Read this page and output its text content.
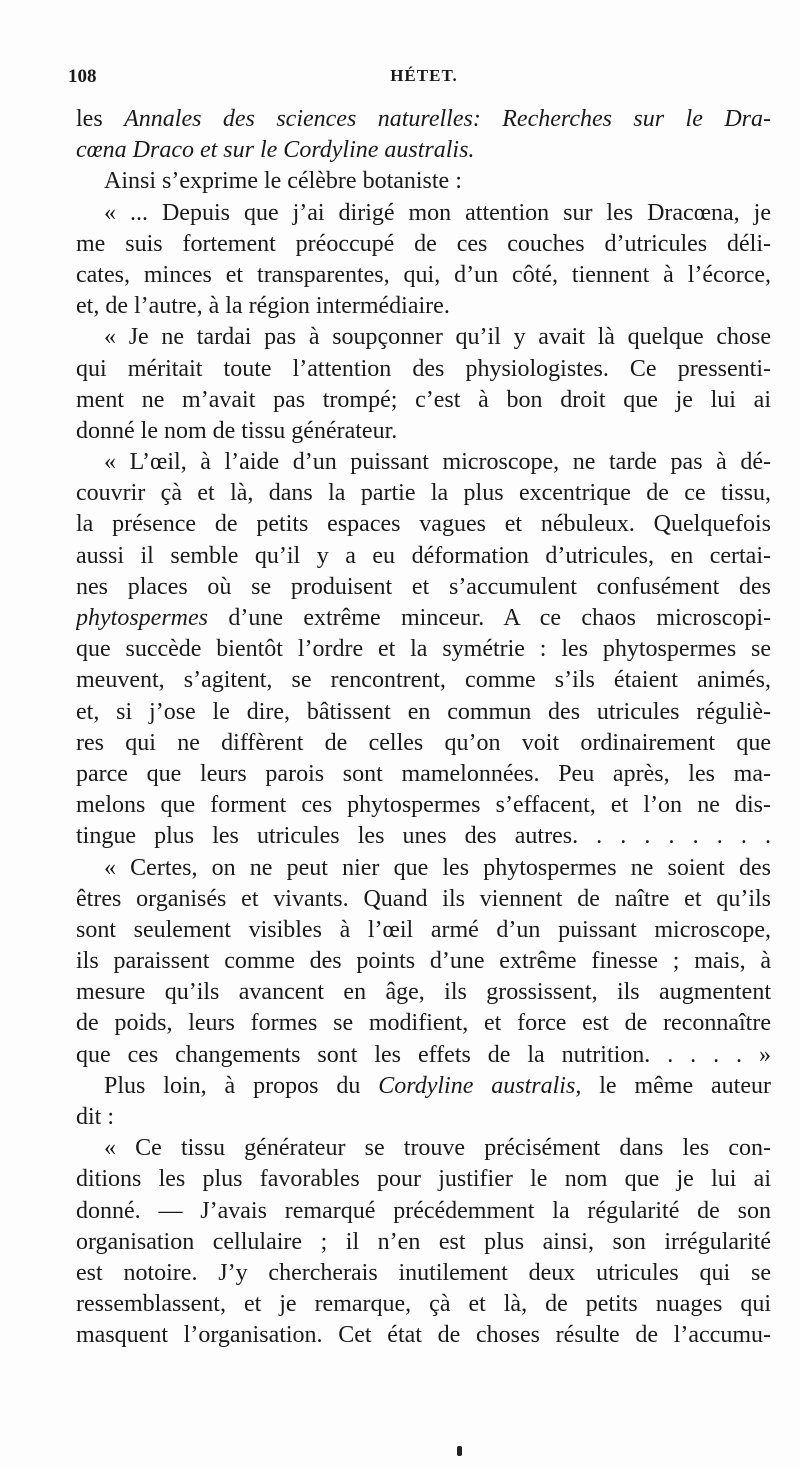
108	HÉTET.
les Annales des sciences naturelles: Recherches sur le Dra-
cœna Draco et sur le Cordyline australis.
Ainsi s’exprime le célèbre botaniste :
« ... Depuis que j’ai dirigé mon attention sur les Dracœna, je
me suis fortement préoccupé de ces couches d’utricules déli-
cates, minces et transparentes, qui, d’un côté, tiennent à l’écorce,
et, de l’autre, à la région intermédiaire.
« Je ne tardai pas à soupçonner qu’il y avait là quelque chose
qui méritait toute l’attention des physiologistes. Ce pressenti-
ment ne m’avait pas trompé; c’est à bon droit que je lui ai
donné le nom de tissu générateur.
« L’œil, à l’aide d’un puissant microscope, ne tarde pas à dé-
couvrir çà et là, dans la partie la plus excentrique de ce tissu,
la présence de petits espaces vagues et nébuleux. Quelquefois
aussi il semble qu’il y a eu déformation d’utricules, en certai-
nes places où se produisent et s’accumulent confusément des
phytospermes d’une extrême minceur. A ce chaos microscopi-
que succède bientôt l’ordre et la symétrie : les phytospermes se
meuvent, s’agitent, se rencontrent, comme s’ils étaient animés,
et, si j’ose le dire, bâtissent en commun des utricules réguliè-
res qui ne diffèrent de celles qu’on voit ordinairement que
parce que leurs parois sont mamelonnées. Peu après, les ma-
melons que forment ces phytospermes s’effacent, et l’on ne dis-
tingue plus les utricules les unes des autres. . . . . . . . .
« Certes, on ne peut nier que les phytospermes ne soient des
êtres organisés et vivants. Quand ils viennent de naître et qu’ils
sont seulement visibles à l’œil armé d’un puissant microscope,
ils paraissent comme des points d’une extrême finesse ; mais, à
mesure qu’ils avancent en âge, ils grossissent, ils augmentent
de poids, leurs formes se modifient, et force est de reconnaître
que ces changements sont les effets de la nutrition. . . . . »
Plus loin, à propos du Cordyline australis, le même auteur
dit :
« Ce tissu générateur se trouve précisément dans les con-
ditions les plus favorables pour justifier le nom que je lui ai
donné. — J’avais remarqué précédemment la régularité de son
organisation cellulaire ; il n’en est plus ainsi, son irrégularité
est notoire. J’y chercherais inutilement deux utricules qui se
ressemblassent, et je remarque, çà et là, de petits nuages qui
masquent l’organisation. Cet état de choses résulte de l’accumu-
